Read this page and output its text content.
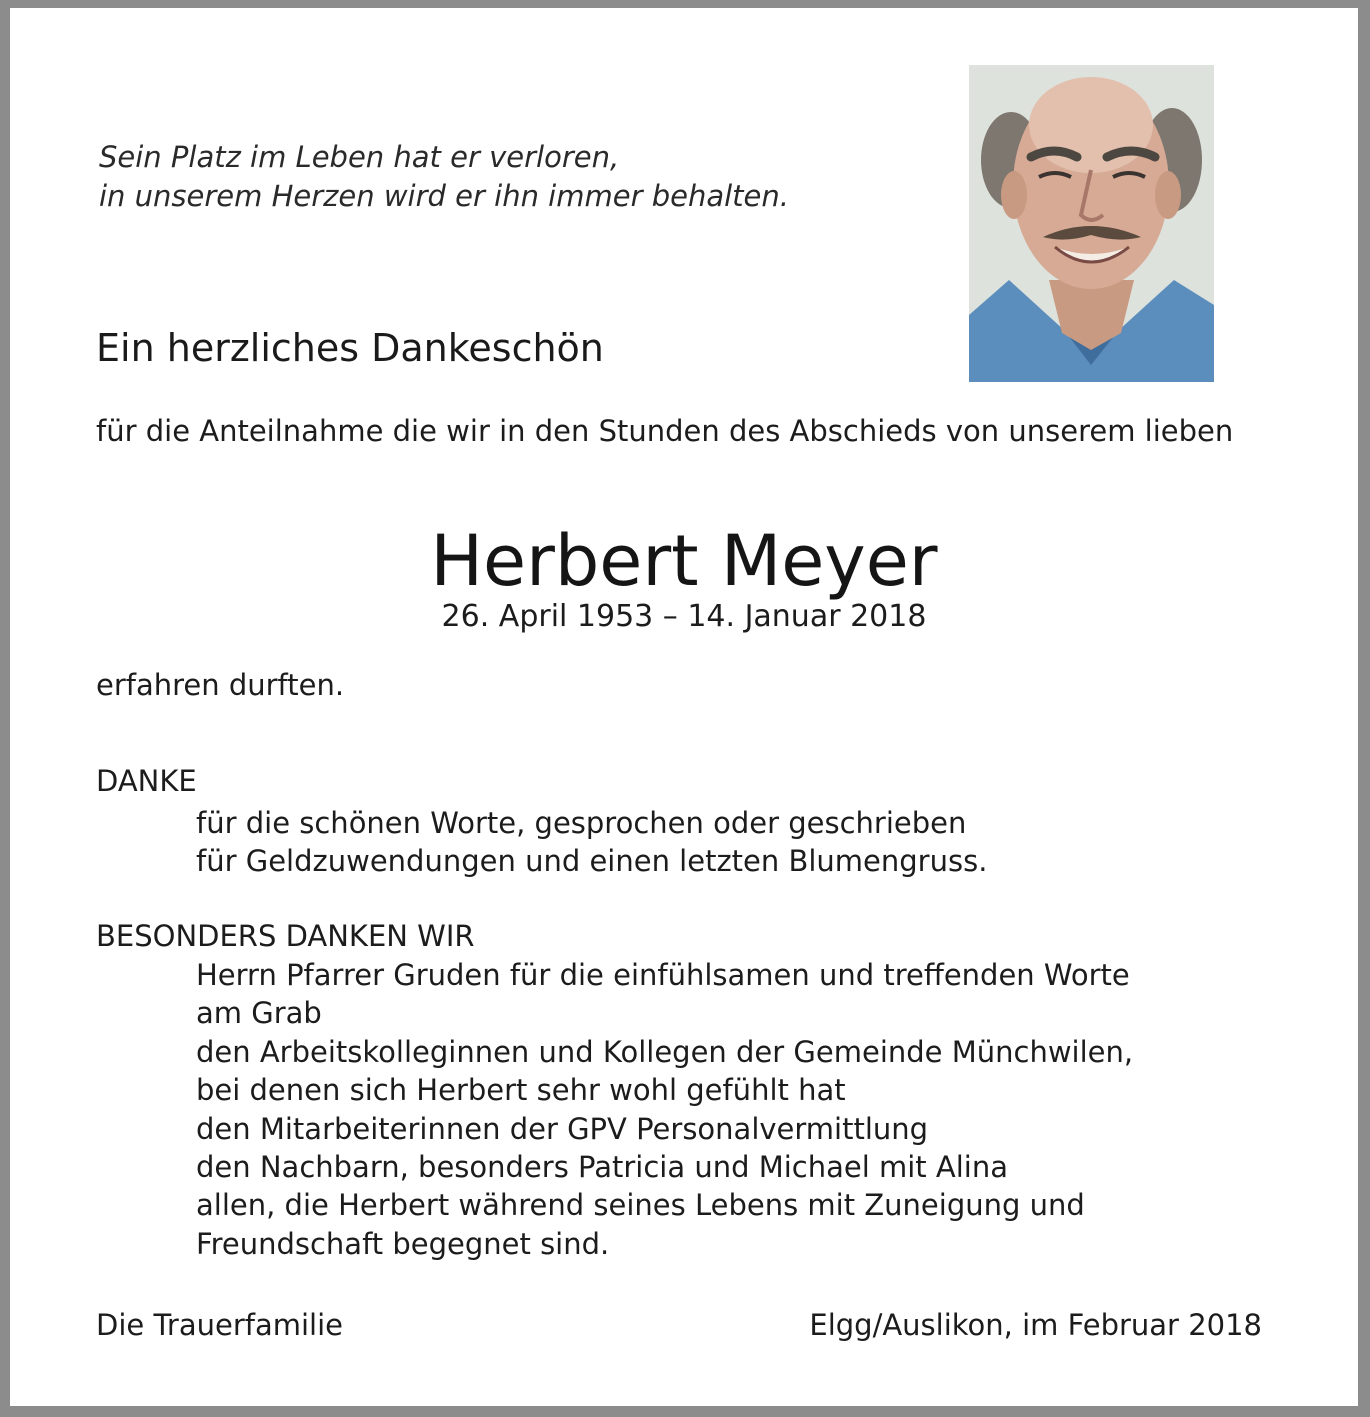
Sein Platz im Leben hat er verloren,
in unserem Herzen wird er ihn immer behalten.
Ein herzliches Dankeschön
für die Anteilnahme die wir in den Stunden des Abschieds von unserem lieben
Herbert Meyer
26. April 1953 – 14. Januar 2018
erfahren durften.
DANKE
für die schönen Worte, gesprochen oder geschrieben
für Geldzuwendungen und einen letzten Blumengruss.
BESONDERS DANKEN WIR
Herrn Pfarrer Gruden für die einfühlsamen und treffenden Worte
am Grab
den Arbeitskolleginnen und Kollegen der Gemeinde Münchwilen,
bei denen sich Herbert sehr wohl gefühlt hat
den Mitarbeiterinnen der GPV Personalvermittlung
den Nachbarn, besonders Patricia und Michael mit Alina
allen, die Herbert während seines Lebens mit Zuneigung und
Freundschaft begegnet sind.
Die Trauerfamilie	Elgg/Auslikon, im Februar 2018
